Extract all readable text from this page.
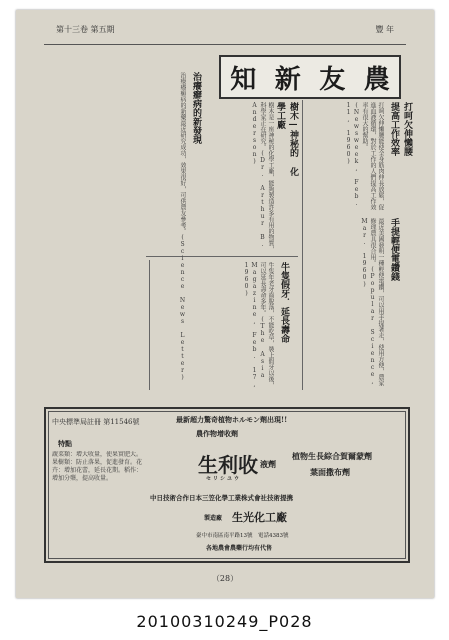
第十三卷 第五期	豐 年
知 新 友 農
打呵欠伸懶腰 提高工作效率
打呵欠伸懶腰能使全身筋肉伸長放鬆，促進血液循環，對於工作的人們提高工作效率有很大的幫助。(Newsweek, Feb. 11, 1960)
手提輕便電鑽錢
最近美國發明一種輕便電鑽，可以用手提著走，使用方便，農家修理農具很合用。(Popular Science, Mar. 1960)
樹木—神秘的 化學工廠
樹木是一座神秘的化學工廠，能夠製造許多有用的物質，科學家正在研究。(Dr. Arthur B. Anderson)
牛隻假牙．延長壽命
牛隻年老牙齒脫落，不能吃草，裝上假牙以後，可以延長壽命多年。(The Asia Magazine, Feb. 17, 1960)
治癢癬病的新發現
治療癢癬病的新藥最近研究成功，效果很好，可供農友參考。(Science News Letter)
中央標準局註冊 第11546號	最新超力驚奇植物ホルモン劑出現!!
農作物增收劑
特點
蔬菜類：增大收量，使果實肥大。果樹類：防止落果，促進發育。花卉：增加花蕾，延長花期。稻作：增加分蘖，提高收量。
生利收
セリシユウ
液劑
植物生長綜合賀爾蒙劑
葉面撒布劑
中日技術合作日本三笠化學工業株式會社技術提携
製造廠 生光化工廠
臺中市南區南平路13號　電話4383號
各地農會農藥行均有代售
（28）
20100310249_P028
